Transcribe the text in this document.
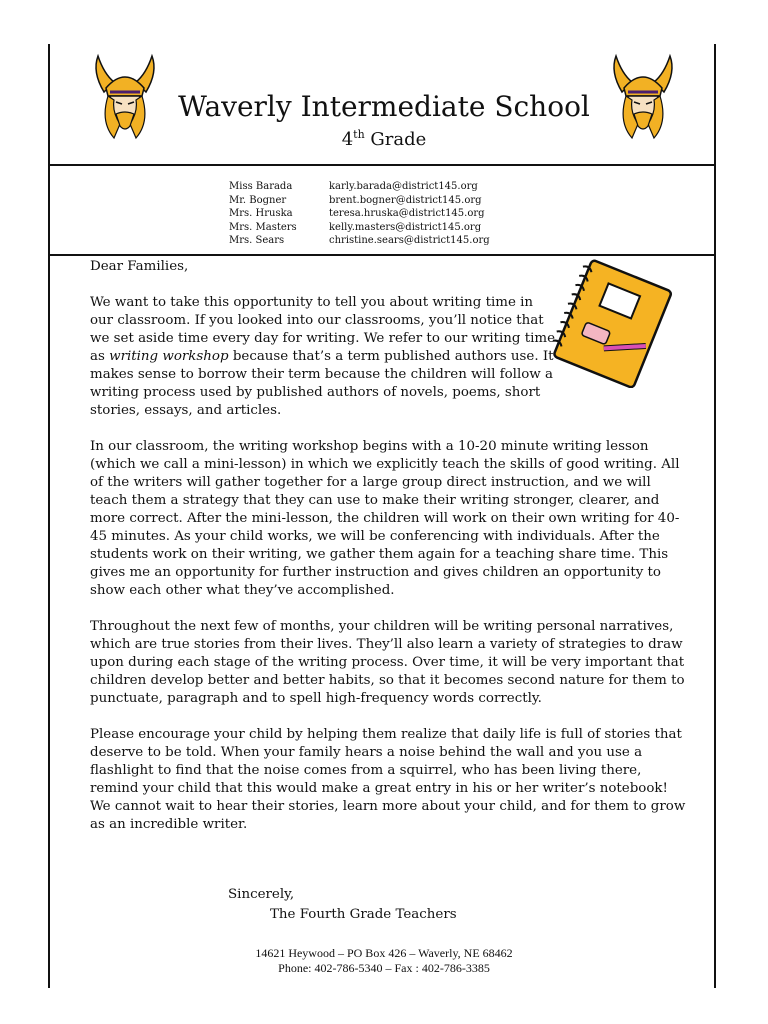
Waverly Intermediate School
4th Grade
Miss Barada	karly.barada@district145.org
Mr. Bogner	brent.bogner@district145.org
Mrs. Hruska	teresa.hruska@district145.org
Mrs. Masters	kelly.masters@district145.org
Mrs. Sears	christine.sears@district145.org

Dear Families,

We want to take this opportunity to tell you about writing time in our classroom. If you looked into our classrooms, you’ll notice that we set aside time every day for writing. We refer to our writing time as writing workshop because that’s a term published authors use. It makes sense to borrow their term because the children will follow a writing process used by published authors of novels, poems, short stories, essays, and articles.

In our classroom, the writing workshop begins with a 10-20 minute writing lesson (which we call a mini-lesson) in which we explicitly teach the skills of good writing. All of the writers will gather together for a large group direct instruction, and we will teach them a strategy that they can use to make their writing stronger, clearer, and more correct. After the mini-lesson, the children will work on their own writing for 40-45 minutes. As your child works, we will be conferencing with individuals. After the students work on their writing, we gather them again for a teaching share time. This gives me an opportunity for further instruction and gives children an opportunity to show each other what they’ve accomplished.

Throughout the next few of months, your children will be writing personal narratives, which are true stories from their lives. They’ll also learn a variety of strategies to draw upon during each stage of the writing process. Over time, it will be very important that children develop better and better habits, so that it becomes second nature for them to punctuate, paragraph and to spell high-frequency words correctly.

Please encourage your child by helping them realize that daily life is full of stories that deserve to be told. When your family hears a noise behind the wall and you use a flashlight to find that the noise comes from a squirrel, who has been living there, remind your child that this would make a great entry in his or her writer’s notebook! We cannot wait to hear their stories, learn more about your child, and for them to grow as an incredible writer.

Sincerely,
The Fourth Grade Teachers
14621 Heywood – PO Box 426 – Waverly, NE 68462
Phone: 402-786-5340 – Fax : 402-786-3385
